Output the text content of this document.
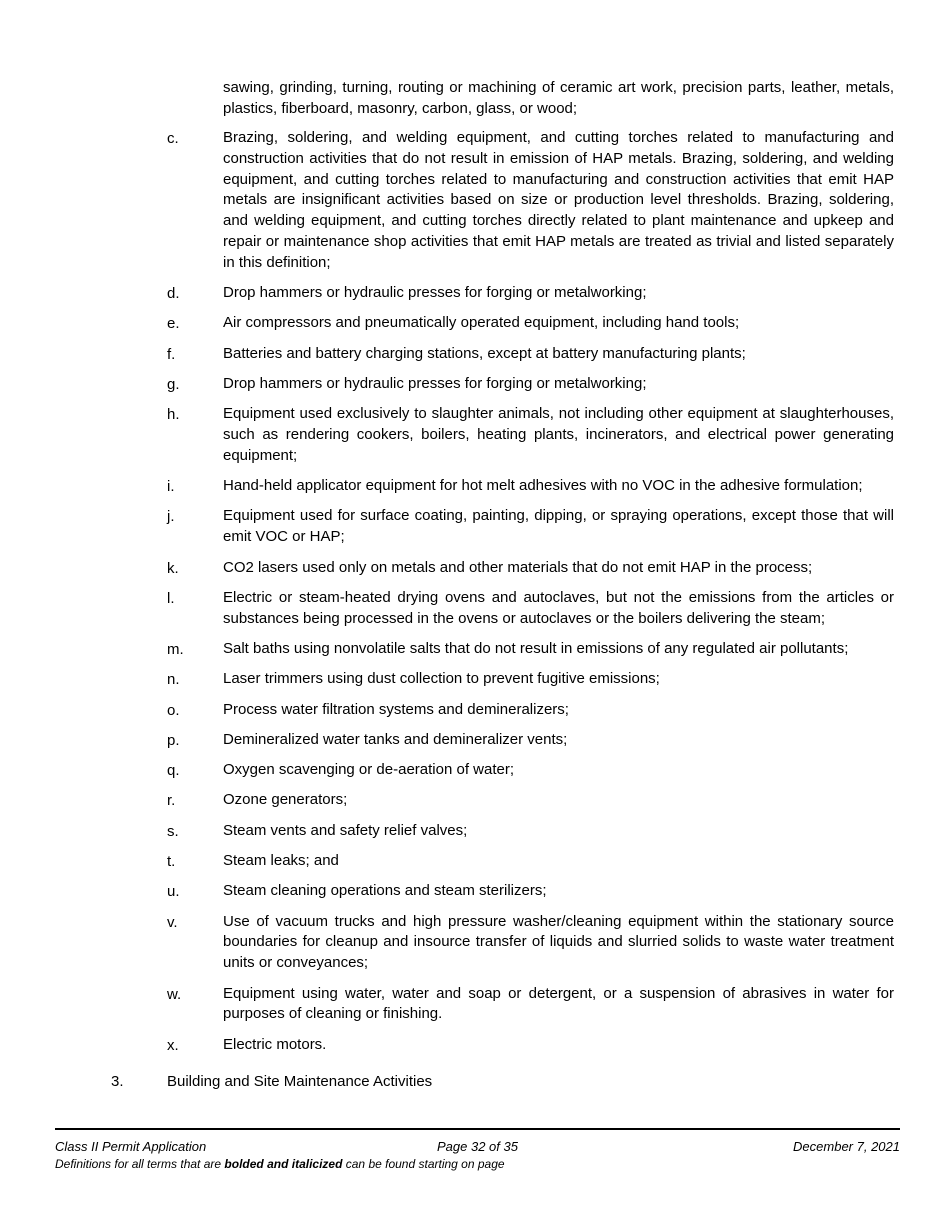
sawing, grinding, turning, routing or machining of ceramic art work, precision parts, leather, metals, plastics, fiberboard, masonry, carbon, glass, or wood;
c.	Brazing, soldering, and welding equipment, and cutting torches related to manufacturing and construction activities that do not result in emission of HAP metals. Brazing, soldering, and welding equipment, and cutting torches related to manufacturing and construction activities that emit HAP metals are insignificant activities based on size or production level thresholds. Brazing, soldering, and welding equipment, and cutting torches directly related to plant maintenance and upkeep and repair or maintenance shop activities that emit HAP metals are treated as trivial and listed separately in this definition;
d.	Drop hammers or hydraulic presses for forging or metalworking;
e.	Air compressors and pneumatically operated equipment, including hand tools;
f.	Batteries and battery charging stations, except at battery manufacturing plants;
g.	Drop hammers or hydraulic presses for forging or metalworking;
h.	Equipment used exclusively to slaughter animals, not including other equipment at slaughterhouses, such as rendering cookers, boilers, heating plants, incinerators, and electrical power generating equipment;
i.	Hand-held applicator equipment for hot melt adhesives with no VOC in the adhesive formulation;
j.	Equipment used for surface coating, painting, dipping, or spraying operations, except those that will emit VOC or HAP;
k.	CO2 lasers used only on metals and other materials that do not emit HAP in the process;
l.	Electric or steam-heated drying ovens and autoclaves, but not the emissions from the articles or substances being processed in the ovens or autoclaves or the boilers delivering the steam;
m.	Salt baths using nonvolatile salts that do not result in emissions of any regulated air pollutants;
n.	Laser trimmers using dust collection to prevent fugitive emissions;
o.	Process water filtration systems and demineralizers;
p.	Demineralized water tanks and demineralizer vents;
q.	Oxygen scavenging or de-aeration of water;
r.	Ozone generators;
s.	Steam vents and safety relief valves;
t.	Steam leaks; and
u.	Steam cleaning operations and steam sterilizers;
v.	Use of vacuum trucks and high pressure washer/cleaning equipment within the stationary source boundaries for cleanup and insource transfer of liquids and slurried solids to waste water treatment units or conveyances;
w.	Equipment using water, water and soap or detergent, or a suspension of abrasives in water for purposes of cleaning or finishing.
x.	Electric motors.
3.	Building and Site Maintenance Activities
Class II Permit Application	Page 32 of 35	December 7, 2021
Definitions for all terms that are bolded and italicized can be found starting on page
